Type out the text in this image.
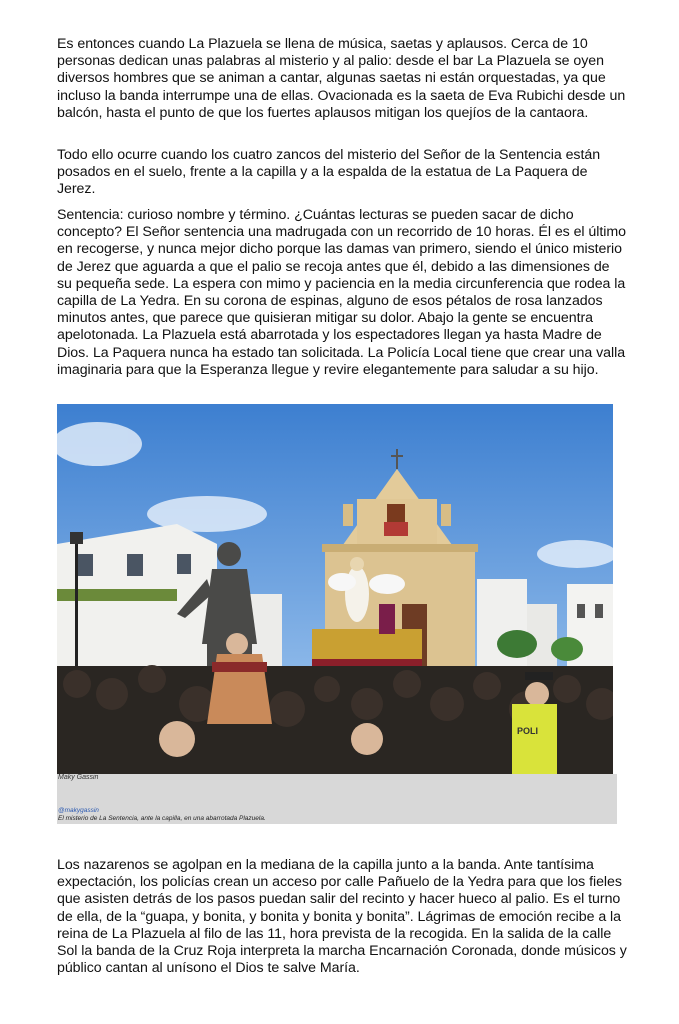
Es entonces cuando La Plazuela se llena de música, saetas y aplausos. Cerca de 10 personas dedican unas palabras al misterio y al palio: desde el bar La Plazuela se oyen diversos hombres que se animan a cantar, algunas saetas ni están orquestadas, ya que incluso la banda interrumpe una de ellas. Ovacionada es la saeta de Eva Rubichi desde un balcón, hasta el punto de que los fuertes aplausos mitigan los quejíos de la cantaora.

Todo ello ocurre cuando los cuatro zancos del misterio del Señor de la Sentencia están posados en el suelo, frente a la capilla y a la espalda de la estatua de La Paquera de Jerez.

Sentencia: curioso nombre y término. ¿Cuántas lecturas se pueden sacar de dicho concepto? El Señor sentencia una madrugada con un recorrido de 10 horas. Él es el último en recogerse, y nunca mejor dicho porque las damas van primero, siendo el único misterio de Jerez que aguarda a que el palio se recoja antes que él, debido a las dimensiones de su pequeña sede. La espera con mimo y paciencia en la media circunferencia que rodea la capilla de La Yedra. En su corona de espinas, alguno de esos pétalos de rosa lanzados minutos antes, que parece que quisieran mitigar su dolor. Abajo la gente se encuentra apelotonada. La Plazuela está abarrotada y los espectadores llegan ya hasta Madre de Dios. La Paquera nunca ha estado tan solicitada. La Policía Local tiene que crear una valla imaginaria para que la Esperanza llegue y revire elegantemente para saludar a su hijo.

POLI
Maky Gassin
@makygassin
El misterio de La Sentencia, ante la capilla, en una abarrotada Plazuela.

Los nazarenos se agolpan en la mediana de la capilla junto a la banda. Ante tantísima expectación, los policías crean un acceso por calle Pañuelo de la Yedra para que los fieles que asisten detrás de los pasos puedan salir del recinto y hacer hueco al palio. Es el turno de ella, de la “guapa, y bonita, y bonita y bonita y bonita”. Lágrimas de emoción recibe a la reina de La Plazuela al filo de las 11, hora prevista de la recogida. En la salida de la calle Sol la banda de la Cruz Roja interpreta la marcha Encarnación Coronada, donde músicos y público cantan al unísono el Dios te salve María.
